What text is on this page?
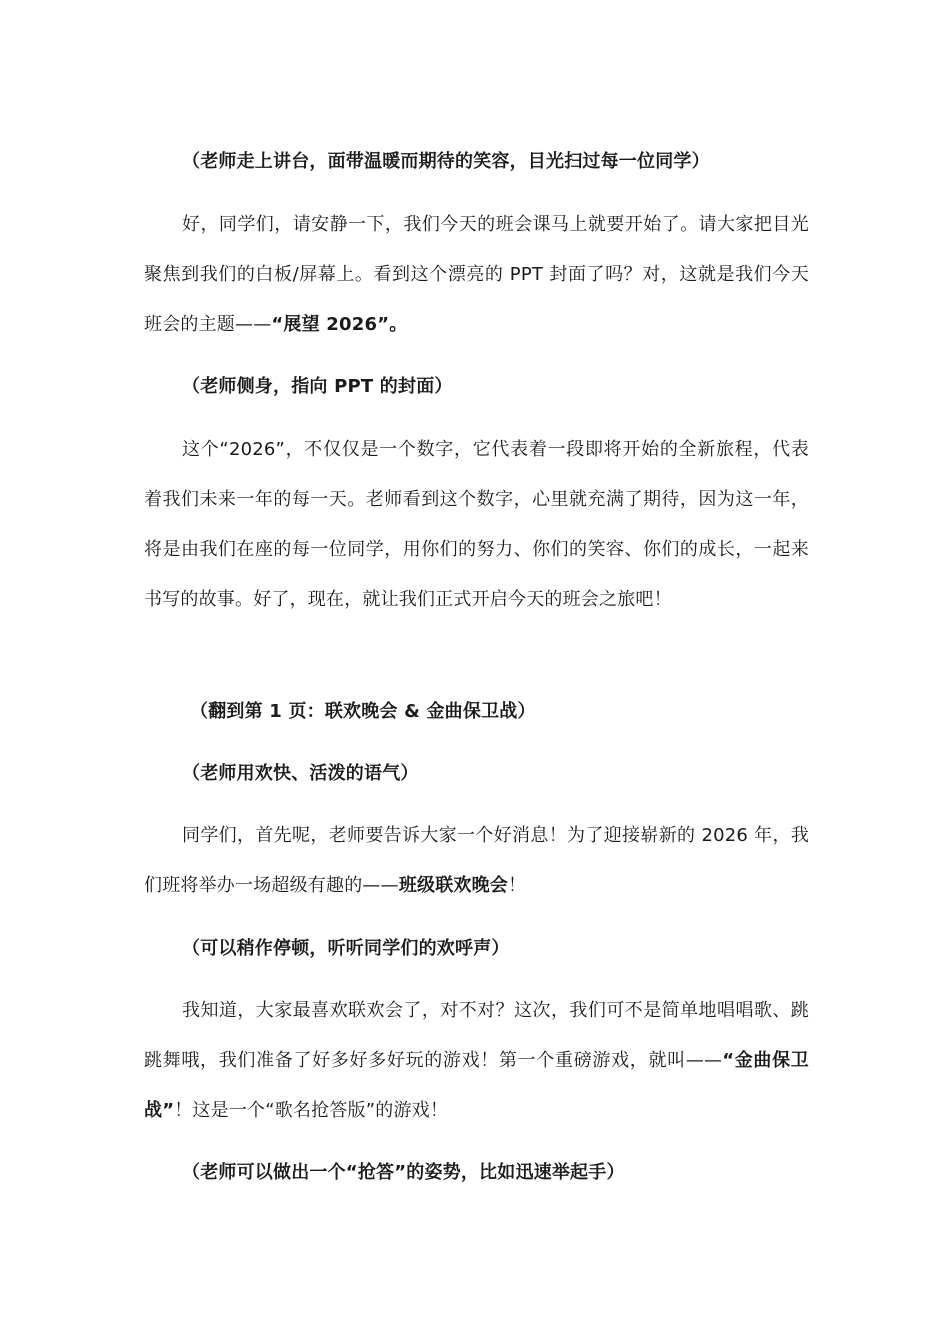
（老师走上讲台，面带温暖而期待的笑容，目光扫过每一位同学）

好，同学们，请安静一下，我们今天的班会课马上就要开始了。请大家把目光聚焦到我们的白板/屏幕上。看到这个漂亮的 PPT 封面了吗？对，这就是我们今天班会的主题——“展望 2026”。

（老师侧身，指向 PPT 的封面）

这个“2026”，不仅仅是一个数字，它代表着一段即将开始的全新旅程，代表着我们未来一年的每一天。老师看到这个数字，心里就充满了期待，因为这一年，将是由我们在座的每一位同学，用你们的努力、你们的笑容、你们的成长，一起来书写的故事。好了，现在，就让我们正式开启今天的班会之旅吧！

（翻到第 1 页：联欢晚会 & 金曲保卫战）

（老师用欢快、活泼的语气）

同学们，首先呢，老师要告诉大家一个好消息！为了迎接崭新的 2026 年，我们班将举办一场超级有趣的——班级联欢晚会！

（可以稍作停顿，听听同学们的欢呼声）

我知道，大家最喜欢联欢会了，对不对？这次，我们可不是简单地唱唱歌、跳跳舞哦，我们准备了好多好多好玩的游戏！第一个重磅游戏，就叫——“金曲保卫战”！这是一个“歌名抢答版”的游戏！

（老师可以做出一个“抢答”的姿势，比如迅速举起手）
